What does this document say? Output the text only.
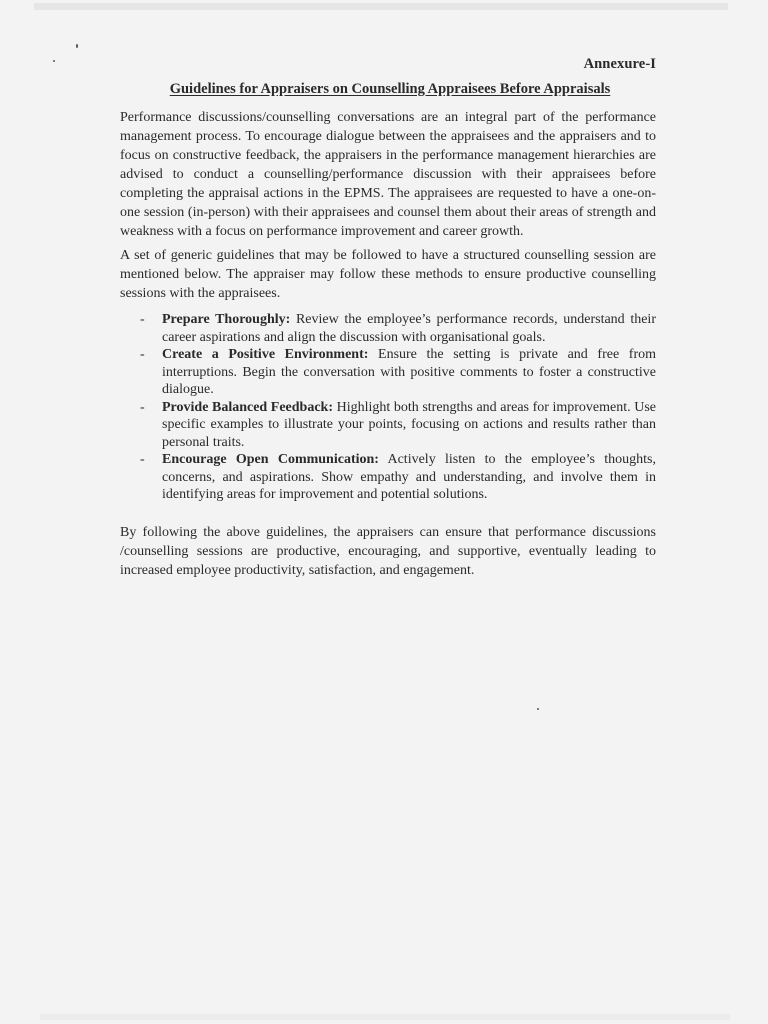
Annexure-I
Guidelines for Appraisers on Counselling Appraisees Before Appraisals

Performance discussions/counselling conversations are an integral part of the performance management process. To encourage dialogue between the appraisees and the appraisers and to focus on constructive feedback, the appraisers in the performance management hierarchies are advised to conduct a counselling/performance discussion with their appraisees before completing the appraisal actions in the EPMS. The appraisees are requested to have a one-on-one session (in-person) with their appraisees and counsel them about their areas of strength and weakness with a focus on performance improvement and career growth.

A set of generic guidelines that may be followed to have a structured counselling session are mentioned below. The appraiser may follow these methods to ensure productive counselling sessions with the appraisees.

- Prepare Thoroughly: Review the employee’s performance records, understand their career aspirations and align the discussion with organisational goals.
- Create a Positive Environment: Ensure the setting is private and free from interruptions. Begin the conversation with positive comments to foster a constructive dialogue.
- Provide Balanced Feedback: Highlight both strengths and areas for improvement. Use specific examples to illustrate your points, focusing on actions and results rather than personal traits.
- Encourage Open Communication: Actively listen to the employee’s thoughts, concerns, and aspirations. Show empathy and understanding, and involve them in identifying areas for improvement and potential solutions.

By following the above guidelines, the appraisers can ensure that performance discussions /counselling sessions are productive, encouraging, and supportive, eventually leading to increased employee productivity, satisfaction, and engagement.
